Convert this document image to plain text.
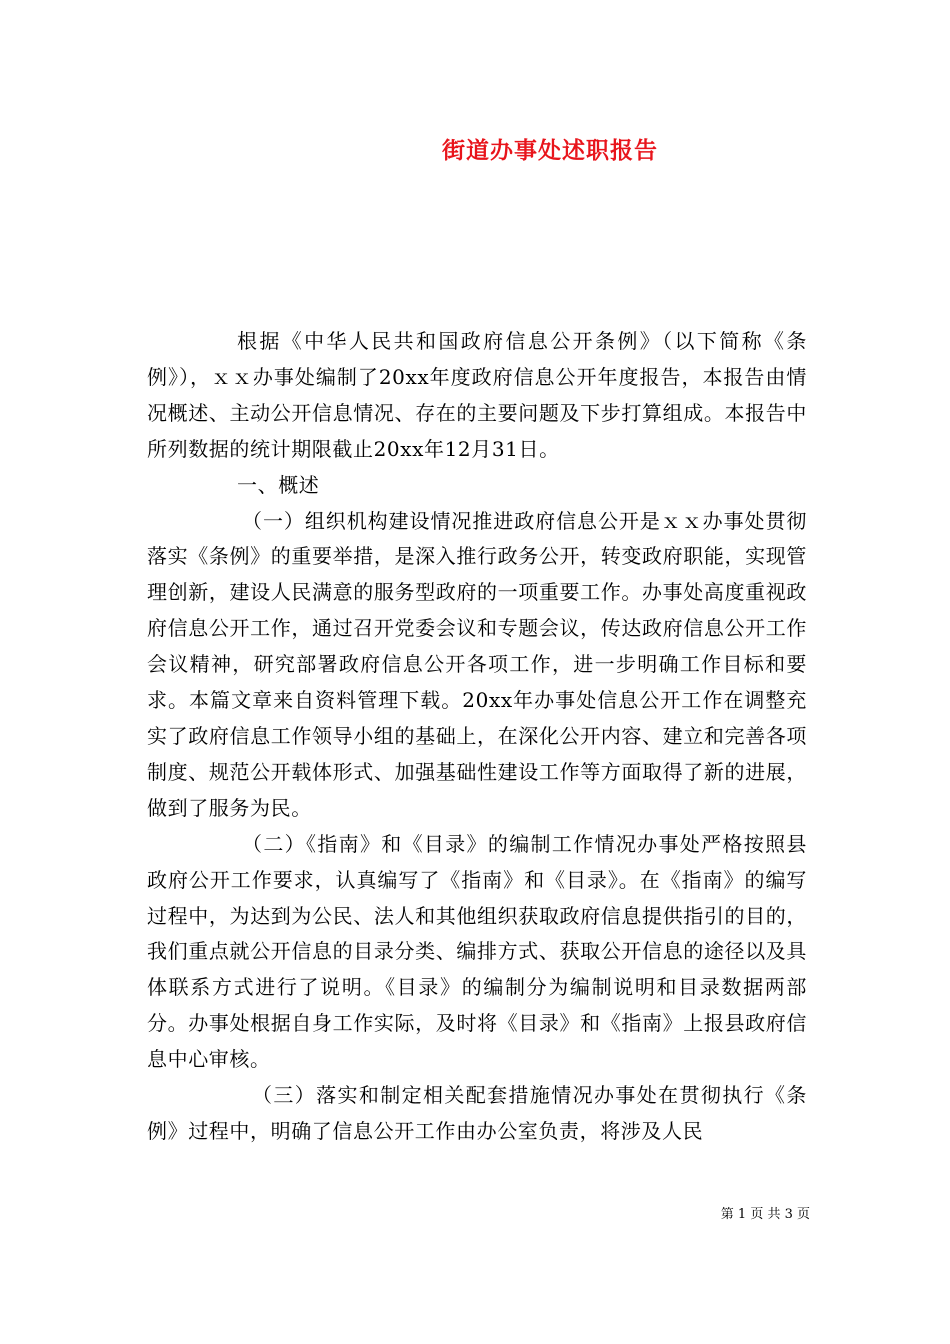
街道办事处述职报告

根据《中华人民共和国政府信息公开条例》（以下简称《条例》），ｘｘ办事处编制了20xx年度政府信息公开年度报告，本报告由情况概述、主动公开信息情况、存在的主要问题及下步打算组成。本报告中所列数据的统计期限截止20xx年12月31日。

一、概述

（一）组织机构建设情况推进政府信息公开是ｘｘ办事处贯彻落实《条例》的重要举措，是深入推行政务公开，转变政府职能，实现管理创新，建设人民满意的服务型政府的一项重要工作。办事处高度重视政府信息公开工作，通过召开党委会议和专题会议，传达政府信息公开工作会议精神，研究部署政府信息公开各项工作，进一步明确工作目标和要求。本篇文章来自资料管理下载。20xx年办事处信息公开工作在调整充实了政府信息工作领导小组的基础上，在深化公开内容、建立和完善各项制度、规范公开载体形式、加强基础性建设工作等方面取得了新的进展，做到了服务为民。

（二）《指南》和《目录》的编制工作情况办事处严格按照县政府公开工作要求，认真编写了《指南》和《目录》。在《指南》的编写过程中，为达到为公民、法人和其他组织获取政府信息提供指引的目的，我们重点就公开信息的目录分类、编排方式、获取公开信息的途径以及具体联系方式进行了说明。《目录》的编制分为编制说明和目录数据两部分。办事处根据自身工作实际，及时将《目录》和《指南》上报县政府信息中心审核。

（三）落实和制定相关配套措施情况办事处在贯彻执行《条例》过程中，明确了信息公开工作由办公室负责，将涉及人民

第 1 页 共 3 页
